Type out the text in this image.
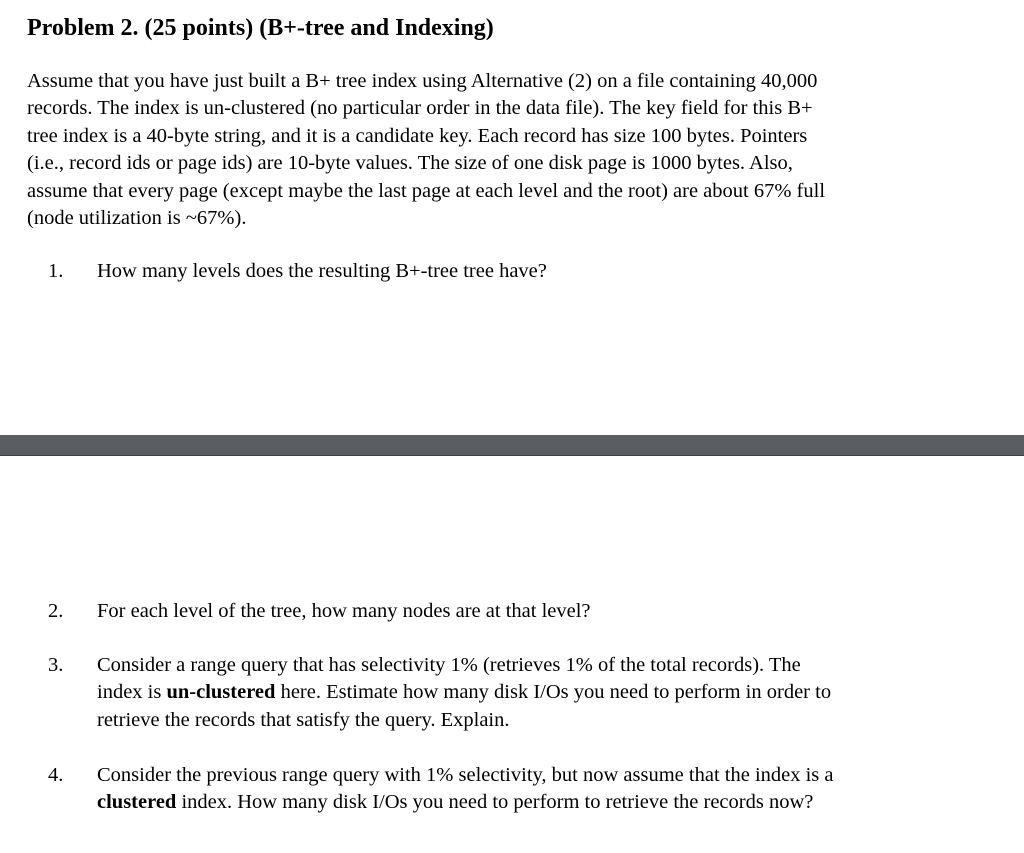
Problem 2. (25 points) (B+-tree and Indexing)
Assume that you have just built a B+ tree index using Alternative (2) on a file containing 40,000
records. The index is un-clustered (no particular order in the data file). The key field for this B+
tree index is a 40-byte string, and it is a candidate key. Each record has size 100 bytes. Pointers
(i.e., record ids or page ids) are 10-byte values. The size of one disk page is 1000 bytes. Also,
assume that every page (except maybe the last page at each level and the root) are about 67% full
(node utilization is ~67%).
1. How many levels does the resulting B+-tree tree have?
2. For each level of the tree, how many nodes are at that level?
3. Consider a range query that has selectivity 1% (retrieves 1% of the total records). The
index is un-clustered here. Estimate how many disk I/Os you need to perform in order to
retrieve the records that satisfy the query. Explain.
4. Consider the previous range query with 1% selectivity, but now assume that the index is a
clustered index. How many disk I/Os you need to perform to retrieve the records now?
